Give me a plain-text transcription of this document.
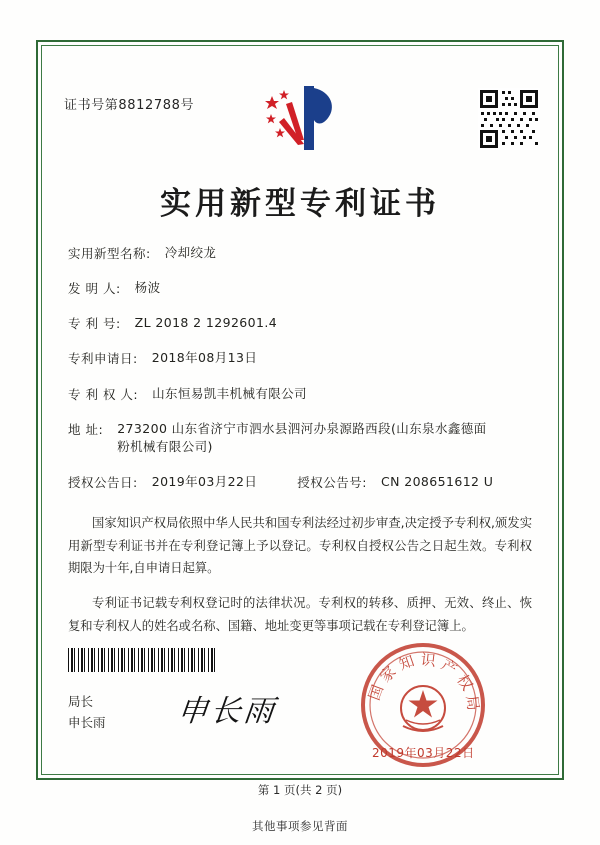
证书号第8812788号
实用新型专利证书
实用新型名称: 冷却绞龙
发 明 人: 杨波
专 利 号: ZL 2018 2 1292601.4
专利申请日: 2018年08月13日
专 利 权 人: 山东恒易凯丰机械有限公司
地 址: 273200 山东省济宁市泗水县泗河办泉源路西段(山东泉水鑫德面粉机械有限公司)
授权公告日: 2019年03月22日	授权公告号: CN 208651612 U

国家知识产权局依照中华人民共和国专利法经过初步审查,决定授予专利权,颁发实用新型专利证书并在专利登记簿上予以登记。专利权自授权公告之日起生效。专利权期限为十年,自申请日起算。

专利证书记载专利权登记时的法律状况。专利权的转移、质押、无效、终止、恢复和专利权人的姓名或名称、国籍、地址变更等事项记载在专利登记簿上。

局长
申长雨 申长雨
国 家 知 识 产 权 局
2019年03月22日
第 1 页(共 2 页)
其他事项参见背面
